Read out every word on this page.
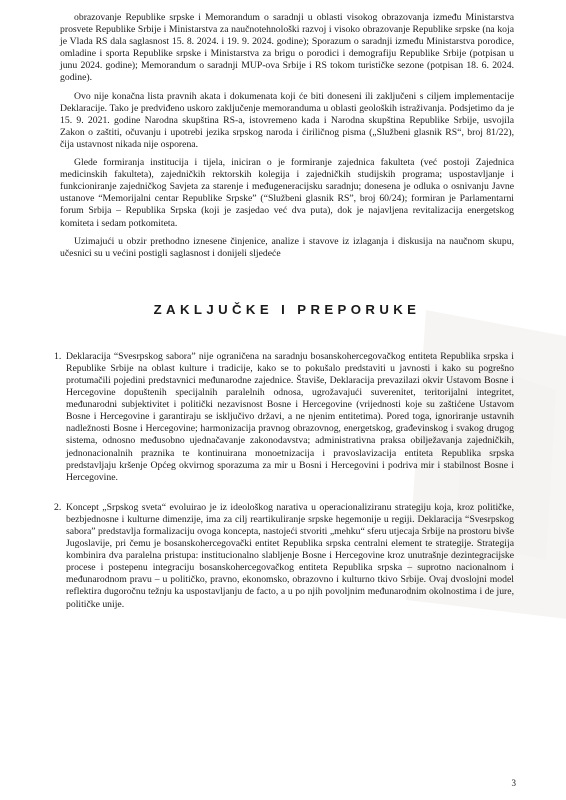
obrazovanje Republike srpske i Memorandum o saradnji u oblasti visokog obrazovanja između Ministarstva prosvete Republike Srbije i Ministarstva za naučnotehnološki razvoj i visoko obrazovanje Republike srpske (na koja je Vlada RS dala saglasnost 15. 8. 2024. i 19. 9. 2024. godine); Sporazum o saradnji između Ministarstva porodice, omladine i sporta Republike srpske i Ministarstva za brigu o porodici i demografiju Republike Srbije (potpisan u junu 2024. godine); Memorandum o saradnji MUP-ova Srbije i RS tokom turističke sezone (potpisan 18. 6. 2024. godine).

Ovo nije konačna lista pravnih akata i dokumenata koji će biti doneseni ili zaključeni s ciljem implementacije Deklaracije. Tako je predviđeno uskoro zaključenje memoranduma u oblasti geoloških istraživanja. Podsjetimo da je 15. 9. 2021. godine Narodna skupština RS-a, istovremeno kada i Narodna skupština Republike Srbije, usvojila Zakon o zaštiti, očuvanju i upotrebi jezika srpskog naroda i ćiriličnog pisma („Službeni glasnik RS“, broj 81/22), čija ustavnost nikada nije osporena.

Glede formiranja institucija i tijela, iniciran o je formiranje zajednica fakulteta (već postoji Zajednica medicinskih fakulteta), zajedničkih rektorskih kolegija i zajedničkih studijskih programa; uspostavljanje i funkcioniranje zajedničkog Savjeta za starenje i međugeneracijsku saradnju; donesena je odluka o osnivanju Javne ustanove “Memorijalni centar Republike Srpske” (“Službeni glasnik RS”, broj 60/24); formiran je Parlamentarni forum Srbija – Republika Srpska (koji je zasjedao već dva puta), dok je najavljena revitalizacija energetskog komiteta i sedam potkomiteta.

Uzimajući u obzir prethodno iznesene činjenice, analize i stavove iz izlaganja i diskusija na naučnom skupu, učesnici su u većini postigli saglasnost i donijeli sljedeće

ZAKLJUČKE I PREPORUKE
1. Deklaracija “Svesrpskog sabora” nije ograničena na saradnju bosanskohercegovačkog entiteta Republika srpska i Republike Srbije na oblast kulture i tradicije, kako se to pokušalo predstaviti u javnosti i kako su pogrešno protumačili pojedini predstavnici međunarodne zajednice. Štaviše, Deklaracija prevazilazi okvir Ustavom Bosne i Hercegovine dopuštenih specijalnih paralelnih odnosa, ugrožavajući suverenitet, teritorijalni integritet, međunarodni subjektivitet i politički nezavisnost Bosne i Hercegovine (vrijednosti koje su zaštićene Ustavom Bosne i Hercegovine i garantiraju se isključivo državi, a ne njenim entitetima). Pored toga, ignoriranje ustavnih nadležnosti Bosne i Hercegovine; harmonizacija pravnog obrazovnog, energetskog, građevinskog i svakog drugog sistema, odnosno međusobno ujednačavanje zakonodavstva; administrativna praksa obilježavanja zajedničkih, jednonacionalnih praznika te kontinuirana monoetnizacija i pravoslavizacija entiteta Republika srpska predstavljaju kršenje Općeg okvirnog sporazuma za mir u Bosni i Hercegovini i podriva mir i stabilnost Bosne i Hercegovine.

2. Koncept „Srpskog sveta“ evoluirao je iz ideološkog narativa u operacionaliziranu strategiju koja, kroz političke, bezbjednosne i kulturne dimenzije, ima za cilj reartikuliranje srpske hegemonije u regiji. Deklaracija “Svesrpskog sabora” predstavlja formalizaciju ovoga koncepta, nastojeći stvoriti „mehku“ sferu utjecaja Srbije na prostoru bivše Jugoslavije, pri čemu je bosanskohercegovački entitet Republika srpska centralni element te strategije. Strategija kombinira dva paralelna pristupa: institucionalno slabljenje Bosne i Hercegovine kroz unutrašnje dezintegracijske procese i postepenu integraciju bosanskohercegovačkog entiteta Republika srpska – suprotno nacionalnom i međunarodnom pravu – u političko, pravno, ekonomsko, obrazovno i kulturno tkivo Srbije. Ovaj dvoslojni model reflektira dugoročnu težnju ka uspostavljanju de facto, a u po njih povoljnim međunarodnim okolnostima i de jure, političke unije.

3
